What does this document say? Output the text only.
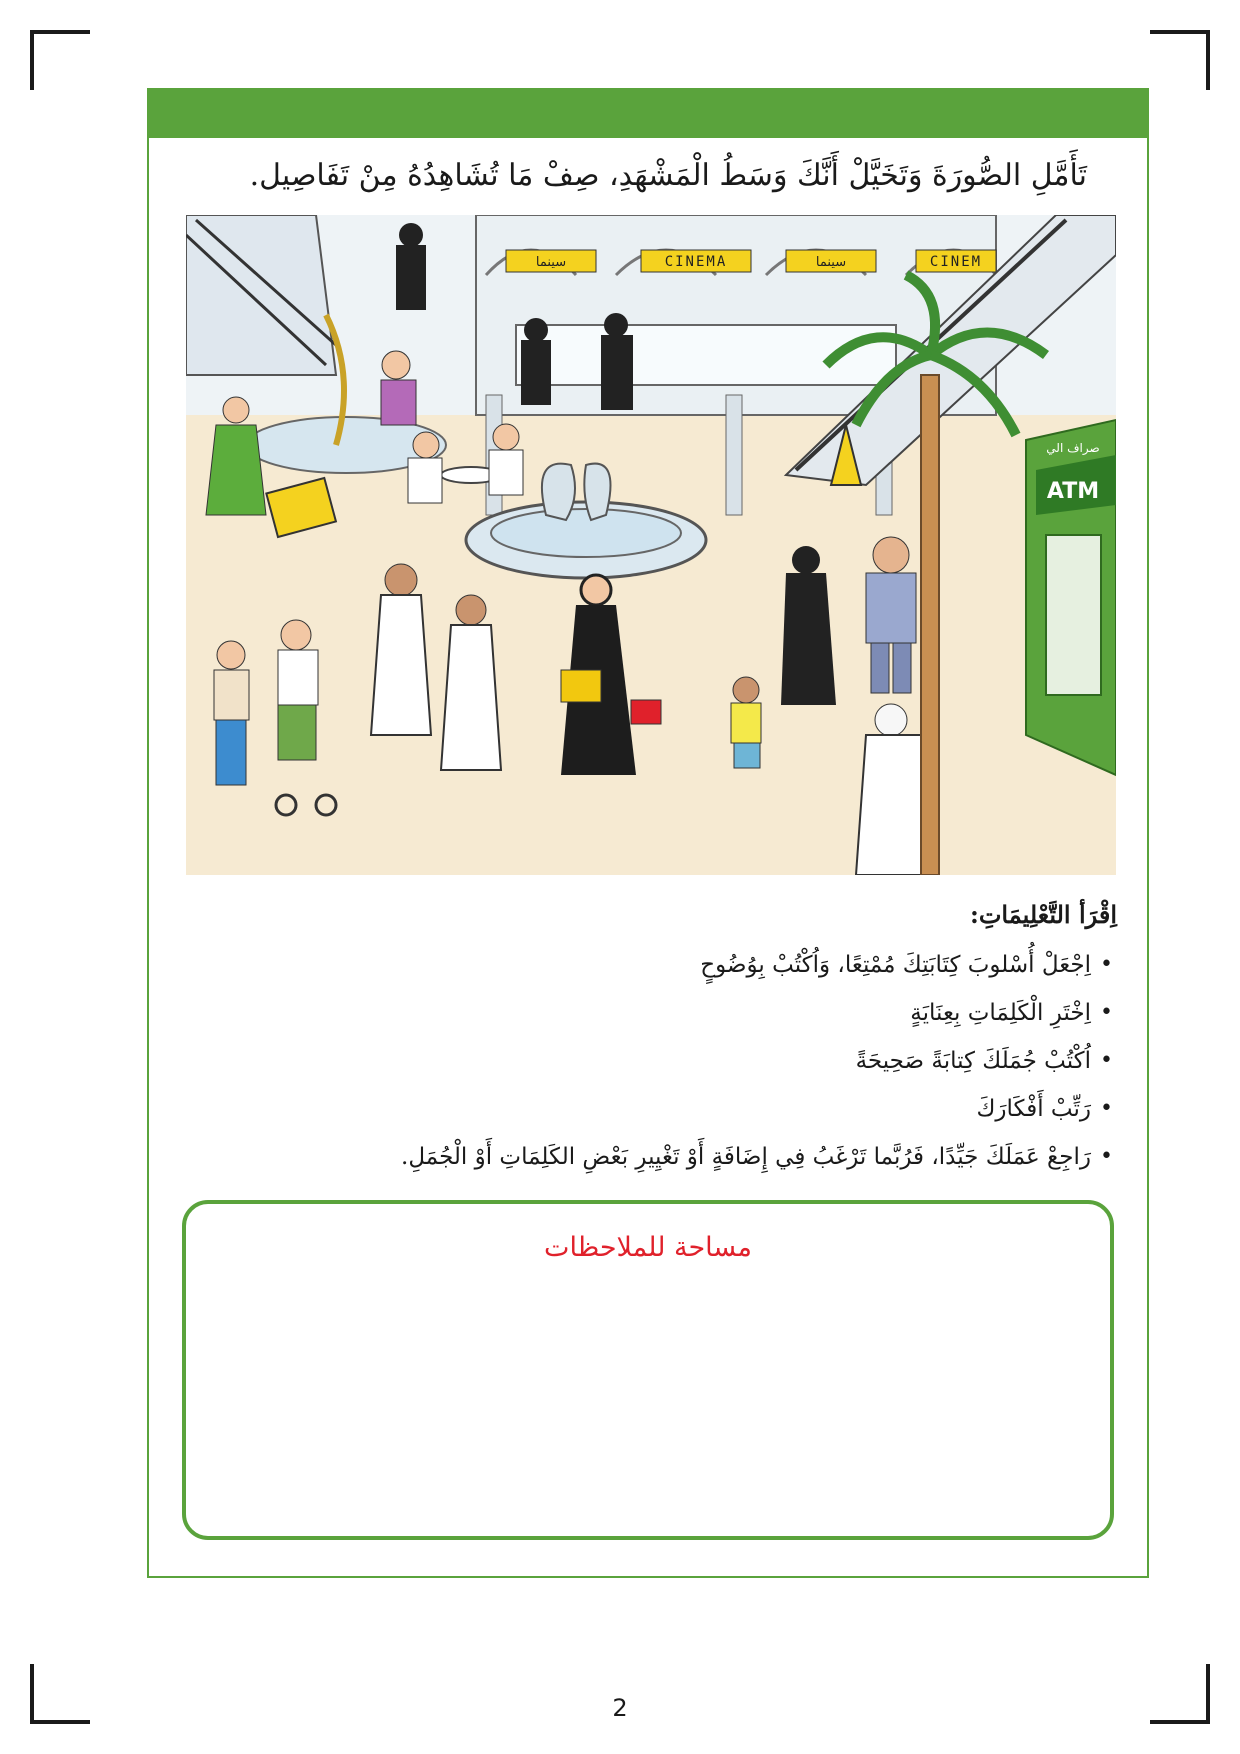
تَأَمَّلِ الصُّورَةَ وَتَخَيَّلْ أَنَّكَ وَسَطُ الْمَشْهَدِ، صِفْ مَا تُشَاهِدُهُ مِنْ تَفَاصِيل.
سينما	CINEMA	سينما	CINEM
ATM
صراف الي
اِقْرَأ التَّعْلِيمَاتِ:
• اِجْعَلْ أُسْلوبَ كِتَابَتِكَ مُمْتِعًا، وَاُكْتُبْ بِوُضُوحٍ
• اِخْتَرِ الْكَلِمَاتِ بِعِنَايَةٍ
• اُكْتُبْ جُمَلَكَ كِتابَةً صَحِيحَةً
• رَتِّبْ أَفْكَارَكَ
• رَاجِعْ عَمَلَكَ جَيِّدًا، فَرُبَّما تَرْغَبُ فِي إِضَافَةٍ أَوْ تَغْيِيرِ بَعْضِ الكَلِمَاتِ أَوْ الْجُمَلِ.
مساحة للملاحظات
2
